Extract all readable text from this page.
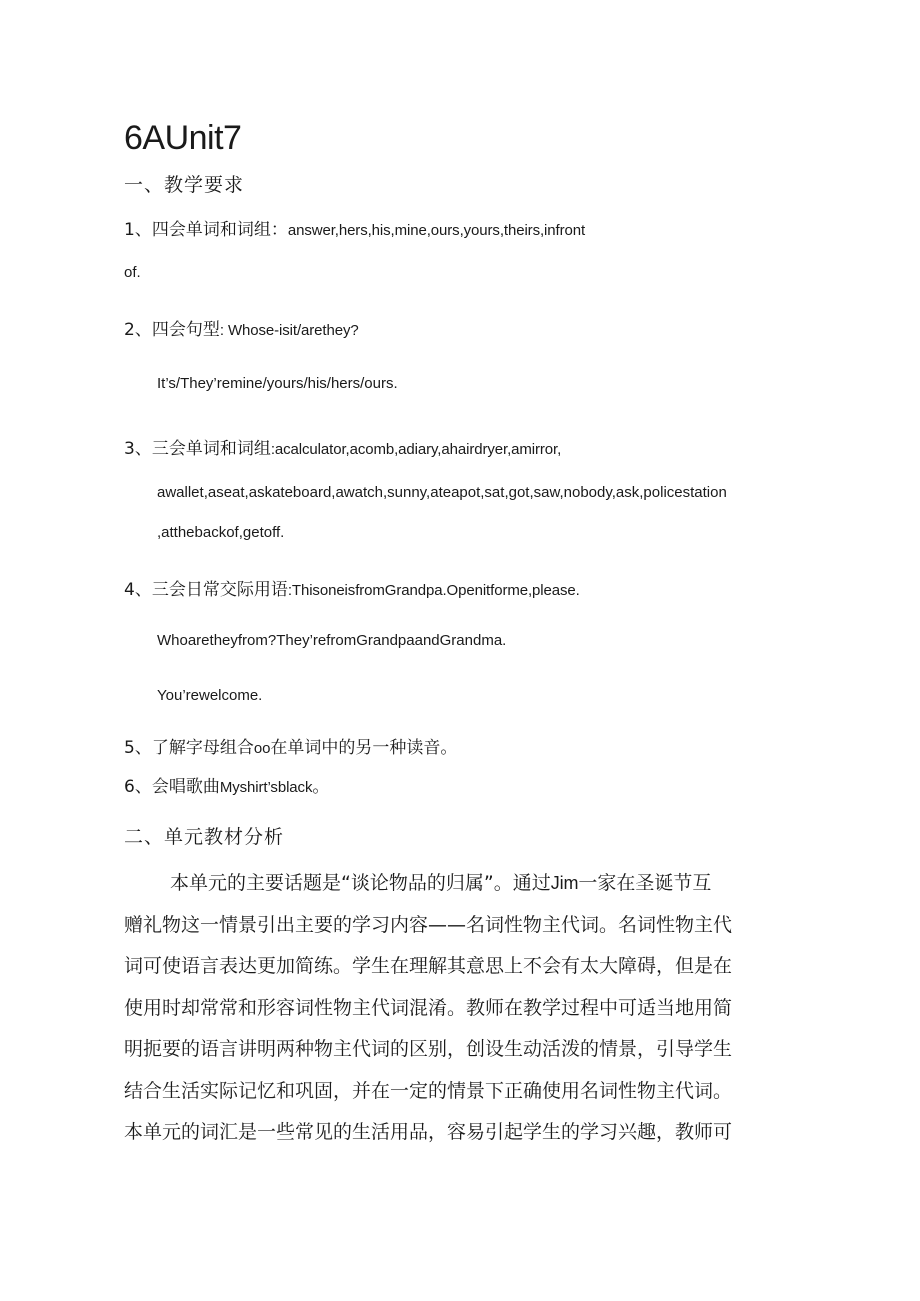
6AUnit7
一、教学要求
1、四会单词和词组：answer,hers,his,mine,ours,yours,theirs,infront
of.
2、四会句型: Whose-isit/arethey?
It’s/They’remine/yours/his/hers/ours.
3、三会单词和词组:acalculator,acomb,adiary,ahairdryer,amirror,
awallet,aseat,askateboard,awatch,sunny,ateapot,sat,got,saw,nobody,ask,policestation
,atthebackof,getoff.
4、三会日常交际用语:ThisoneisfromGrandpa.Openitforme,please.
Whoaretheyfrom?They’refromGrandpaandGrandma.
You’rewelcome.
5、了解字母组合oo在单词中的另一种读音。
6、会唱歌曲Myshirt’sblack。
二、单元教材分析
本单元的主要话题是“谈论物品的归属”。通过Jim一家在圣诞节互
赠礼物这一情景引出主要的学习内容——名词性物主代词。名词性物主代
词可使语言表达更加简练。学生在理解其意思上不会有太大障碍，但是在
使用时却常常和形容词性物主代词混淆。教师在教学过程中可适当地用简
明扼要的语言讲明两种物主代词的区别，创设生动活泼的情景，引导学生
结合生活实际记忆和巩固，并在一定的情景下正确使用名词性物主代词。
本单元的词汇是一些常见的生活用品，容易引起学生的学习兴趣，教师可
